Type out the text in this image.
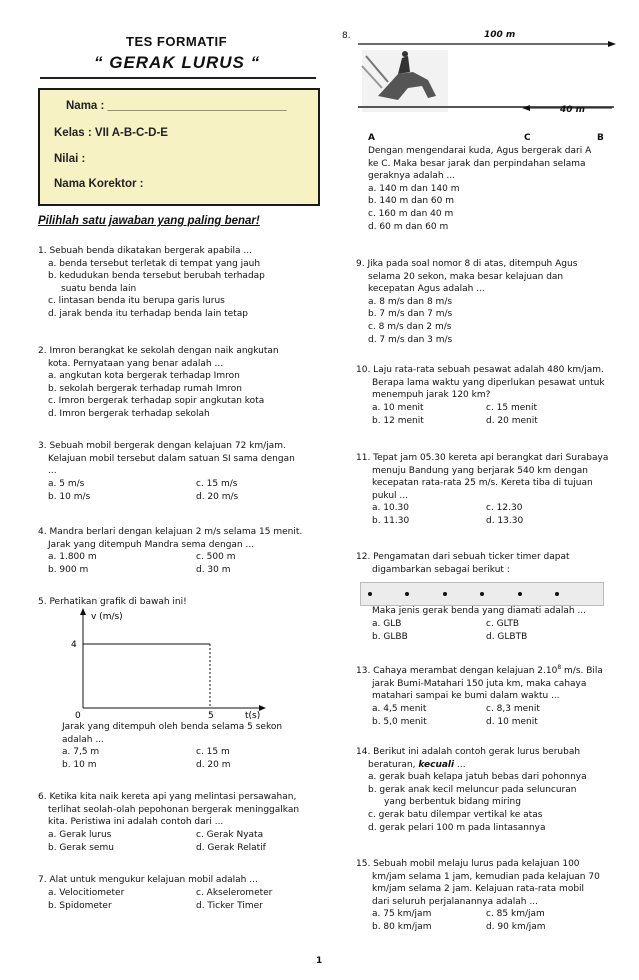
TES FORMATIF
“ GERAK LURUS “
Nama : ____________________________
Kelas : VII A-B-C-D-E
Nilai :
Nama Korektor :
Pilihlah satu jawaban yang paling benar!
1. Sebuah benda dikatakan bergerak apabila ...
a. benda tersebut terletak di tempat yang jauh
b. kedudukan benda tersebut berubah terhadap
suatu benda lain
c. lintasan benda itu berupa garis lurus
d. jarak benda itu terhadap benda lain tetap
2. Imron berangkat ke sekolah dengan naik angkutan
kota. Pernyataan yang benar adalah ...
a. angkutan kota bergerak terhadap Imron
b. sekolah bergerak terhadap rumah Imron
c. Imron bergerak terhadap sopir angkutan kota
d. Imron bergerak terhadap sekolah
3. Sebuah mobil bergerak dengan kelajuan 72 km/jam.
Kelajuan mobil tersebut dalam satuan SI sama dengan
...
a. 5 m/s	c. 15 m/s
b. 10 m/s	d. 20 m/s
4. Mandra berlari dengan kelajuan 2 m/s selama 15 menit.
Jarak yang ditempuh Mandra sema dengan ...
a. 1.800 m	c. 500 m
b. 900 m	d. 30 m
5. Perhatikan grafik di bawah ini!
v (m/s)
4
0	5	t(s)
Jarak yang ditempuh oleh benda selama 5 sekon
adalah ...
a. 7,5 m	c. 15 m
b. 10 m	d. 20 m
6. Ketika kita naik kereta api yang melintasi persawahan,
terlihat seolah-olah pepohonan bergerak meninggalkan
kita. Peristiwa ini adalah contoh dari ...
a. Gerak lurus	c. Gerak Nyata
b. Gerak semu	d. Gerak Relatif
7. Alat untuk mengukur kelajuan mobil adalah ...
a. Velocitiometer	c. Akselerometer
b. Spidometer	d. Ticker Timer
8.	100 m
40 m
A	C	B
Dengan mengendarai kuda, Agus bergerak dari A
ke C. Maka besar jarak dan perpindahan selama
geraknya adalah ...
a. 140 m dan 140 m
b. 140 m dan 60 m
c. 160 m dan 40 m
d. 60 m dan 60 m
9. Jika pada soal nomor 8 di atas, ditempuh Agus
selama 20 sekon, maka besar kelajuan dan
kecepatan Agus adalah ...
a. 8 m/s dan 8 m/s
b. 7 m/s dan 7 m/s
c. 8 m/s dan 2 m/s
d. 7 m/s dan 3 m/s
10. Laju rata-rata sebuah pesawat adalah 480 km/jam.
Berapa lama waktu yang diperlukan pesawat untuk
menempuh jarak 120 km?
a. 10 menit	c. 15 menit
b. 12 menit	d. 20 menit
11. Tepat jam 05.30 kereta api berangkat dari Surabaya
menuju Bandung yang berjarak 540 km dengan
kecepatan rata-rata 25 m/s. Kereta tiba di tujuan
pukul ...
a. 10.30	c. 12.30
b. 11.30	d. 13.30
12. Pengamatan dari sebuah ticker timer dapat
digambarkan sebagai berikut :
Maka jenis gerak benda yang diamati adalah ...
a. GLB	c. GLTB
b. GLBB	d. GLBTB
13. Cahaya merambat dengan kelajuan 2.10$^8$ m/s. Bila
jarak Bumi-Matahari 150 juta km, maka cahaya
matahari sampai ke bumi dalam waktu ...
a. 4,5 menit	c. 8,3 menit
b. 5,0 menit	d. 10 menit
14. Berikut ini adalah contoh gerak lurus berubah
beraturan, kecuali ...
a. gerak buah kelapa jatuh bebas dari pohonnya
b. gerak anak kecil meluncur pada seluncuran
yang berbentuk bidang miring
c. gerak batu dilempar vertikal ke atas
d. gerak pelari 100 m pada lintasannya
15. Sebuah mobil melaju lurus pada kelajuan 100
km/jam selama 1 jam, kemudian pada kelajuan 70
km/jam selama 2 jam. Kelajuan rata-rata mobil
dari seluruh perjalanannya adalah ...
a. 75 km/jam	c. 85 km/jam
b. 80 km/jam	d. 90 km/jam
1
